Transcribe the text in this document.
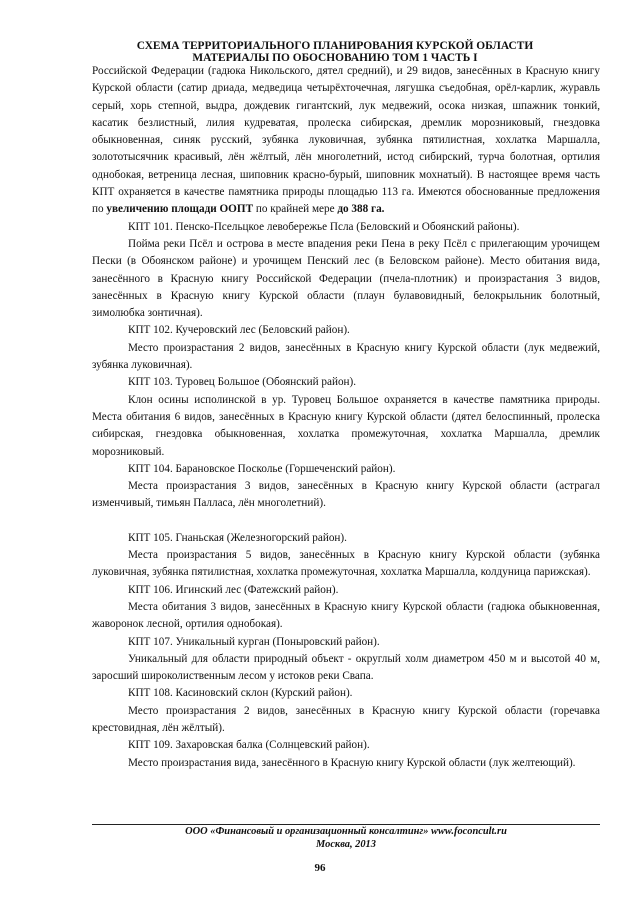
СХЕМА ТЕРРИТОРИАЛЬНОГО ПЛАНИРОВАНИЯ КУРСКОЙ ОБЛАСТИ
МАТЕРИАЛЫ ПО ОБОСНОВАНИЮ ТОМ 1 ЧАСТЬ I

Российской Федерации (гадюка Никольского, дятел средний), и 29 видов, занесённых в Красную книгу Курской области (сатир дриада, медведица четырёхточечная, лягушка съедобная, орёл-карлик, журавль серый, хорь степной, выдра, дождевик гигантский, лук медвежий, осока низкая, шпажник тонкий, касатик безлистный, лилия кудреватая, пролеска сибирская, дремлик морозниковый, гнездовка обыкновенная, синяк русский, зубянка луковичная, зубянка пятилистная, хохлатка Маршалла, золототысячник красивый, лён жёлтый, лён многолетний, истод сибирский, турча болотная, ортилия однобокая, ветреница лесная, шиповник красно-бурый, шиповник мохнатый). В настоящее время часть КПТ охраняется в качестве памятника природы площадью 113 га. Имеются обоснованные предложения по увеличению площади ООПТ по крайней мере до 388 га.

КПТ 101. Пенско-Псельцкое левобережье Псла (Беловский и Обоянский районы).

Пойма реки Псёл и острова в месте впадения реки Пена в реку Псёл с прилегающим урочищем Пески (в Обоянском районе) и урочищем Пенский лес (в Беловском районе). Место обитания вида, занесённого в Красную книгу Российской Федерации (пчела-плотник) и произрастания 3 видов, занесённых в Красную книгу Курской области (плаун булавовидный, белокрыльник болотный, зимолюбка зонтичная).

КПТ 102. Кучеровский лес (Беловский район).

Место произрастания 2 видов, занесённых в Красную книгу Курской области (лук медвежий, зубянка луковичная).

КПТ 103. Туровец Большое (Обоянский район).

Клон осины исполинской в ур. Туровец Большое охраняется в качестве памятника природы. Места обитания 6 видов, занесённых в Красную книгу Курской области (дятел белоспинный, пролеска сибирская, гнездовка обыкновенная, хохлатка промежуточная, хохлатка Маршалла, дремлик морозниковый.

КПТ 104. Барановское Посколье (Горшеченский район).

Места произрастания 3 видов, занесённых в Красную книгу Курской области (астрагал изменчивый, тимьян Палласа, лён многолетний).

КПТ 105. Гнаньская (Железногорский район).

Места произрастания 5 видов, занесённых в Красную книгу Курской области (зубянка луковичная, зубянка пятилистная, хохлатка промежуточная, хохлатка Маршалла, колдуница парижская).

КПТ 106. Игинский лес (Фатежский район).

Места обитания 3 видов, занесённых в Красную книгу Курской области (гадюка обыкновенная, жаворонок лесной, ортилия однобокая).

КПТ 107. Уникальный курган (Поныровский район).

Уникальный для области природный объект - округлый холм диаметром 450 м и высотой 40 м, заросший широколиственным лесом у истоков реки Свапа.

КПТ 108. Касиновский склон (Курский район).

Место произрастания 2 видов, занесённых в Красную книгу Курской области (горечавка крестовидная, лён жёлтый).

КПТ 109. Захаровская балка (Солнцевский район).

Место произрастания вида, занесённого в Красную книгу Курской области (лук желтеющий).

ООО «Финансовый и организационный консалтинг» www.foconcult.ru
Москва, 2013
96
